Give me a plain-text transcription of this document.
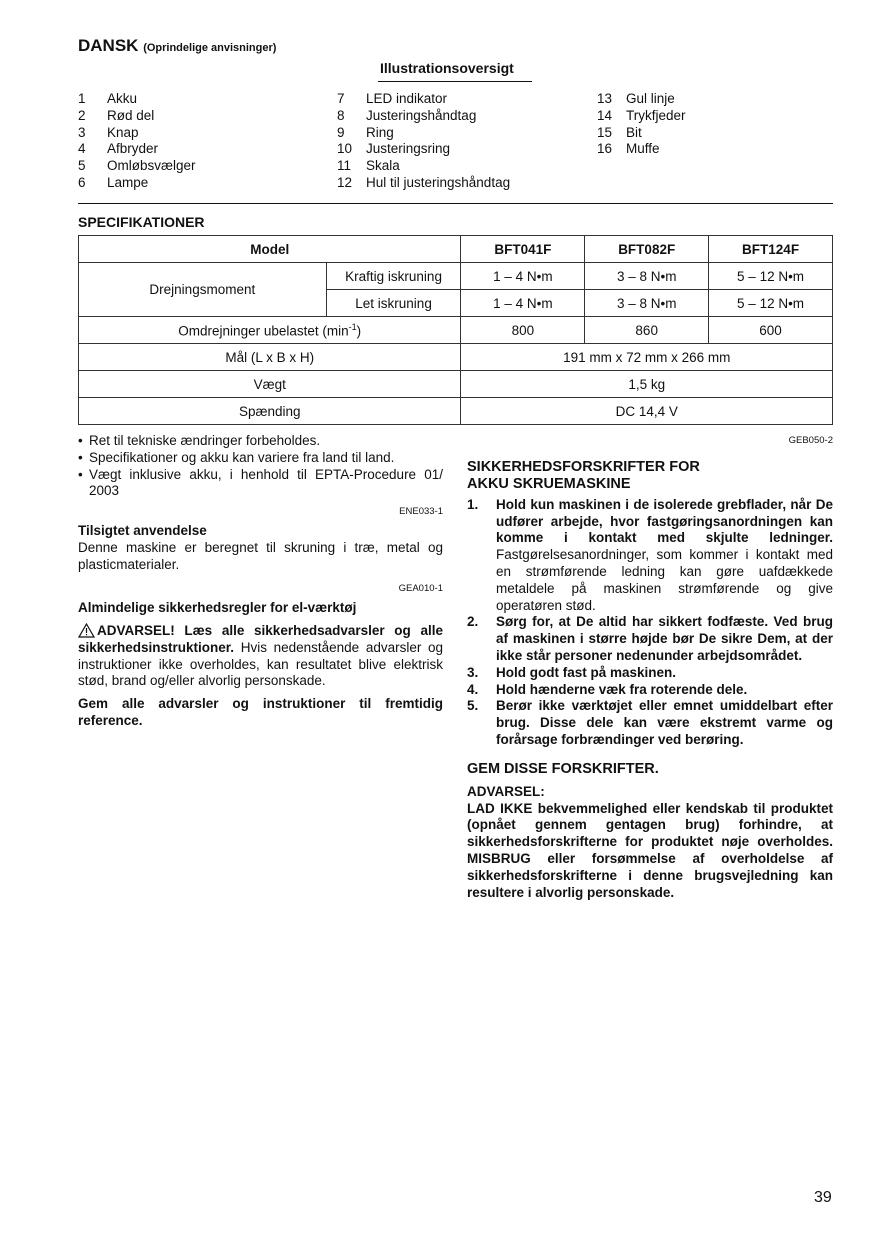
DANSK (Oprindelige anvisninger)
Illustrationsoversigt
1	Akku
2	Rød del
3	Knap
4	Afbryder
5	Omløbsvælger
6	Lampe
7	LED indikator
8	Justeringshåndtag
9	Ring
10	Justeringsring
11	Skala
12	Hul til justeringshåndtag
13	Gul linje
14	Trykfjeder
15	Bit
16	Muffe
SPECIFIKATIONER
Model		BFT041F	BFT082F	BFT124F
Drejningsmoment	Kraftig iskruning	1 – 4 N•m	3 – 8 N•m	5 – 12 N•m
	Let iskruning	1 – 4 N•m	3 – 8 N•m	5 – 12 N•m
Omdrejninger ubelastet $(\min^{-1})$		800	860	600
Mål (L x B x H)		191 mm x 72 mm x 266 mm		
Vægt		1,5 kg		
Spænding		DC 14,4 V		
• Ret til tekniske ændringer forbeholdes.
• Specifikationer og akku kan variere fra land til land.
• Vægt inklusive akku, i henhold til EPTA-Procedure 01/ 2003
ENE033-1
Tilsigtet anvendelse
Denne maskine er beregnet til skruning i træ, metal og plasticmaterialer.
GEA010-1
Almindelige sikkerhedsregler for el-værktøj
ADVARSEL! Læs alle sikkerhedsadvarsler og alle sikkerhedsinstruktioner. Hvis nedenstående advarsler og instruktioner ikke overholdes, kan resultatet blive elektrisk stød, brand og/eller alvorlig personskade.
Gem alle advarsler og instruktioner til fremtidig reference.
GEB050-2
SIKKERHEDSFORSKRIFTER FOR
AKKU SKRUEMASKINE
1.	Hold kun maskinen i de isolerede grebflader, når De udfører arbejde, hvor fastgøringsanordningen kan komme i kontakt med skjulte ledninger. Fastgørelsesanordninger, som kommer i kontakt med en strømførende ledning kan gøre uafdækkede metaldele på maskinen strømførende og give operatøren stød.
2.	Sørg for, at De altid har sikkert fodfæste. Ved brug af maskinen i større højde bør De sikre Dem, at der ikke står personer nedenunder arbejdsområdet.
3.	Hold godt fast på maskinen.
4.	Hold hænderne væk fra roterende dele.
5.	Berør ikke værktøjet eller emnet umiddelbart efter brug. Disse dele kan være ekstremt varme og forårsage forbrændinger ved berøring.
GEM DISSE FORSKRIFTER.
ADVARSEL:
LAD IKKE bekvemmelighed eller kendskab til produktet (opnået gennem gentagen brug) forhindre, at sikkerhedsforskrifterne for produktet nøje overholdes. MISBRUG eller forsømmelse af overholdelse af sikkerhedsforskrifterne i denne brugsvejledning kan resultere i alvorlig personskade.
39
